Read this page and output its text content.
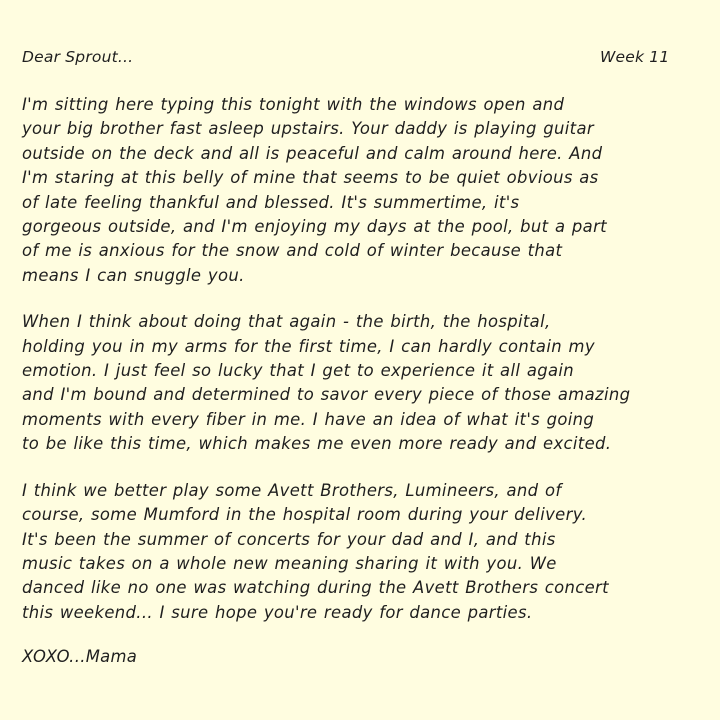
Dear Sprout...	Week 11

I'm sitting here typing this tonight with the windows open and
your big brother fast asleep upstairs. Your daddy is playing guitar
outside on the deck and all is peaceful and calm around here. And
I'm staring at this belly of mine that seems to be quiet obvious as
of late feeling thankful and blessed. It's summertime, it's
gorgeous outside, and I'm enjoying my days at the pool, but a part
of me is anxious for the snow and cold of winter because that
means I can snuggle you.

When I think about doing that again - the birth, the hospital,
holding you in my arms for the first time, I can hardly contain my
emotion. I just feel so lucky that I get to experience it all again
and I'm bound and determined to savor every piece of those amazing
moments with every fiber in me. I have an idea of what it's going
to be like this time, which makes me even more ready and excited.

I think we better play some Avett Brothers, Lumineers, and of
course, some Mumford in the hospital room during your delivery.
It's been the summer of concerts for your dad and I, and this
music takes on a whole new meaning sharing it with you. We
danced like no one was watching during the Avett Brothers concert
this weekend... I sure hope you're ready for dance parties.

XOXO...Mama
